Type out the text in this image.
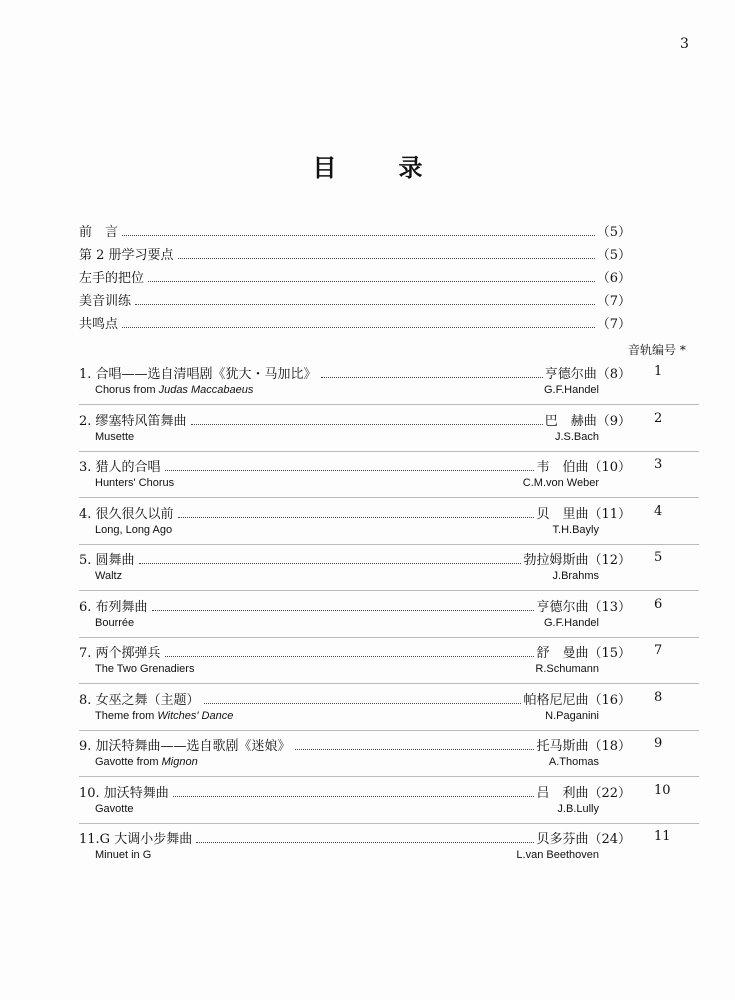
3
目	录
前　言	（5）
第 2 册学习要点	（5）
左手的把位	（6）
美音训练	（7）
共鸣点	（7）
音轨编号 *
1. 合唱——选自清唱剧《犹大・马加比》	亨德尔曲 （8） 1
Chorus from Judas Maccabaeus	G.F.Handel
2. 缪塞特风笛舞曲	巴　赫曲 （9） 2
Musette	J.S.Bach
3. 猎人的合唱	韦　伯曲 （10） 3
Hunters' Chorus	C.M.von Weber
4. 很久很久以前	贝　里曲 （11） 4
Long, Long Ago	T.H.Bayly
5. 圆舞曲	勃拉姆斯曲 （12） 5
Waltz	J.Brahms
6. 布列舞曲	亨德尔曲 （13） 6
Bourrée	G.F.Handel
7. 两个掷弹兵	舒　曼曲 （15） 7
The Two Grenadiers	R.Schumann
8. 女巫之舞（主题）	帕格尼尼曲 （16） 8
Theme from Witches' Dance	N.Paganini
9. 加沃特舞曲——选自歌剧《迷娘》	托马斯曲 （18） 9
Gavotte from Mignon	A.Thomas
10. 加沃特舞曲	吕　利曲 （22） 10
Gavotte	J.B.Lully
11.G 大调小步舞曲	贝多芬曲 （24） 11
Minuet in G	L.van Beethoven
